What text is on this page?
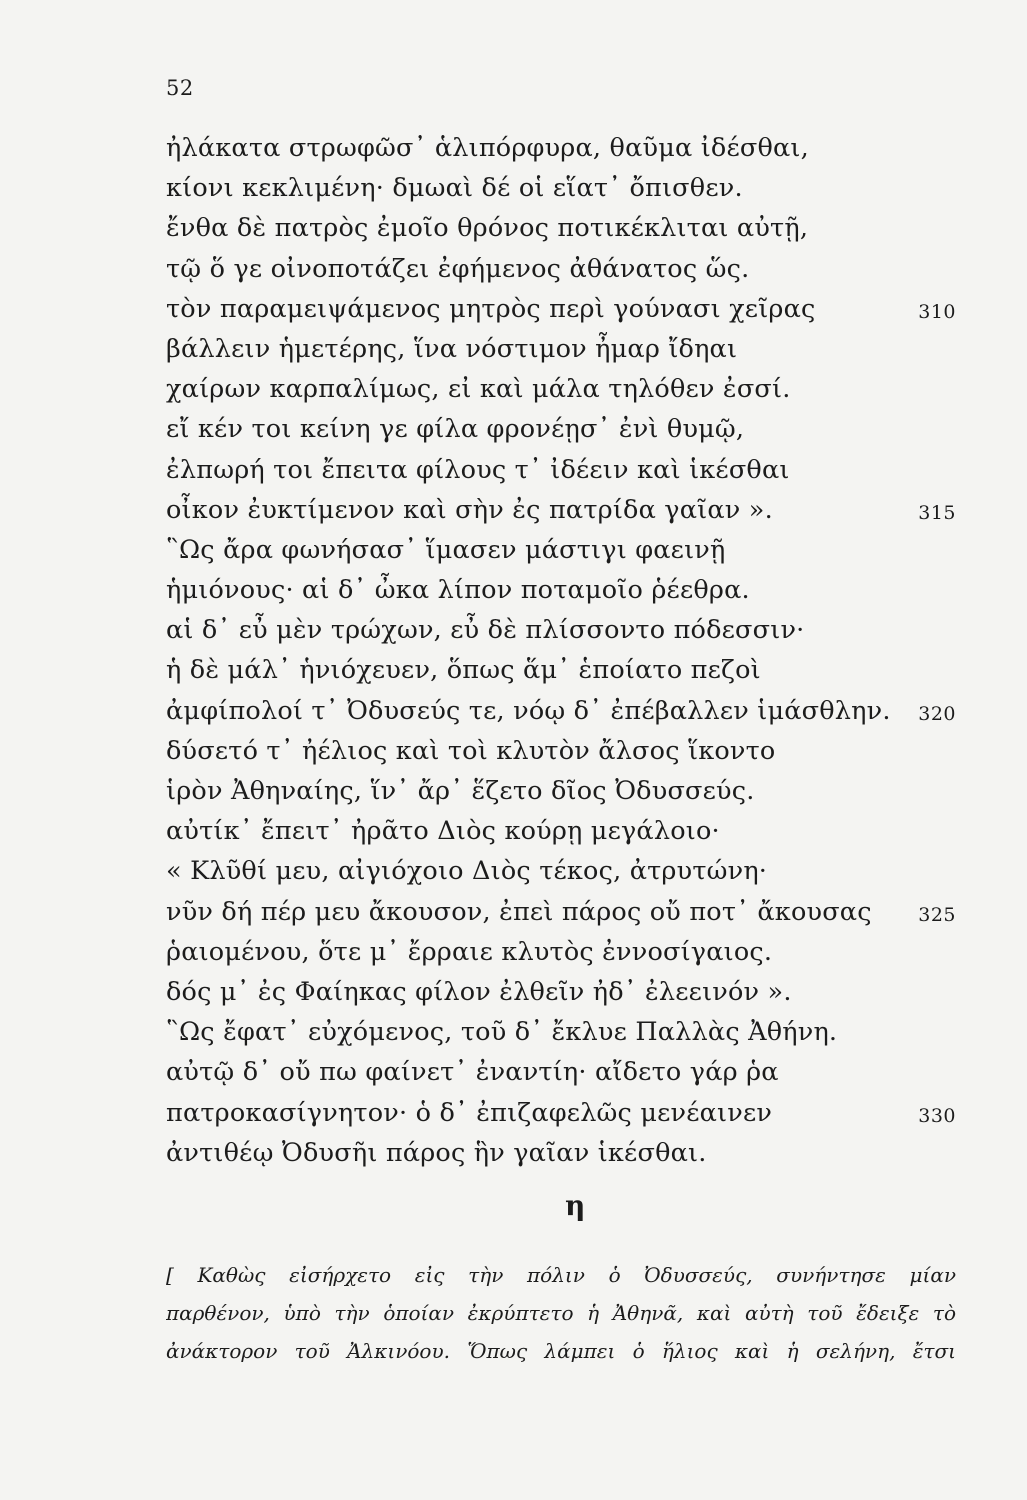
52
ἠλάκατα στρωφῶσ᾽ ἁλιπόρφυρα, θαῦμα ἰδέσθαι,
κίονι κεκλιμένη· δμωαὶ δέ οἱ εἵατ᾽ ὄπισθεν.
ἔνθα δὲ πατρὸς ἐμοῖο θρόνος ποτικέκλιται αὐτῇ,
τῷ ὅ γε οἰνοποτάζει ἐφήμενος ἀθάνατος ὥς.
τὸν παραμειψάμενος μητρὸς περὶ γούνασι χεῖρας	310
βάλλειν ἡμετέρης, ἵνα νόστιμον ἦμαρ ἴδηαι
χαίρων καρπαλίμως, εἰ καὶ μάλα τηλόθεν ἐσσί.
εἴ κέν τοι κείνη γε φίλα φρονέῃσ᾽ ἐνὶ θυμῷ,
ἐλπωρή τοι ἔπειτα φίλους τ᾽ ἰδέειν καὶ ἱκέσθαι
οἶκον ἐυκτίμενον καὶ σὴν ἐς πατρίδα γαῖαν ».	315
῝Ως ἄρα φωνήσασ᾽ ἵμασεν μάστιγι φαεινῇ
ἡμιόνους· αἱ δ᾽ ὦκα λίπον ποταμοῖο ῥέεθρα.
αἱ δ᾽ εὖ μὲν τρώχων, εὖ δὲ πλίσσοντο πόδεσσιν·
ἡ δὲ μάλ᾽ ἡνιόχευεν, ὅπως ἅμ᾽ ἑποίατο πεζοὶ
ἀμφίπολοί τ᾽ Ὀδυσεύς τε, νόῳ δ᾽ ἐπέβαλλεν ἱμάσθλην. 320
δύσετό τ᾽ ἠέλιος καὶ τοὶ κλυτὸν ἄλσος ἵκοντο
ἱρὸν Ἀθηναίης, ἵν᾽ ἄρ᾽ ἕζετο δῖος Ὀδυσσεύς.
αὐτίκ᾽ ἔπειτ᾽ ἠρᾶτο Διὸς κούρῃ μεγάλοιο·
« Κλῦθί μευ, αἰγιόχοιο Διὸς τέκος, ἀτρυτώνη·
νῦν δή πέρ μευ ἄκουσον, ἐπεὶ πάρος οὔ ποτ᾽ ἄκουσας 325
ῥαιομένου, ὅτε μ᾽ ἔρραιε κλυτὸς ἐννοσίγαιος.
δός μ᾽ ἐς Φαίηκας φίλον ἐλθεῖν ἠδ᾽ ἐλεεινόν ».
῝Ως ἔφατ᾽ εὐχόμενος, τοῦ δ᾽ ἔκλυε Παλλὰς Ἀθήνη.
αὐτῷ δ᾽ οὔ πω φαίνετ᾽ ἐναντίη· αἴδετο γάρ ῥα
πατροκασίγνητον· ὁ δ᾽ ἐπιζαφελῶς μενέαινεν	330
ἀντιθέῳ Ὀδυσῆι πάρος ἣν γαῖαν ἱκέσθαι.
η
[ Καθὼς εἰσήρχετο εἰς τὴν πόλιν ὁ Ὀδυσσεύς, συνήντησε μίαν
παρθένον, ὑπὸ τὴν ὁποίαν ἐκρύπτετο ἡ Ἀθηνᾶ, καὶ αὐτὴ τοῦ ἔδειξε τὸ
ἀνάκτορον τοῦ Ἀλκινόου. Ὅπως λάμπει ὁ ἥλιος καὶ ἡ σελήνη, ἔτσι
